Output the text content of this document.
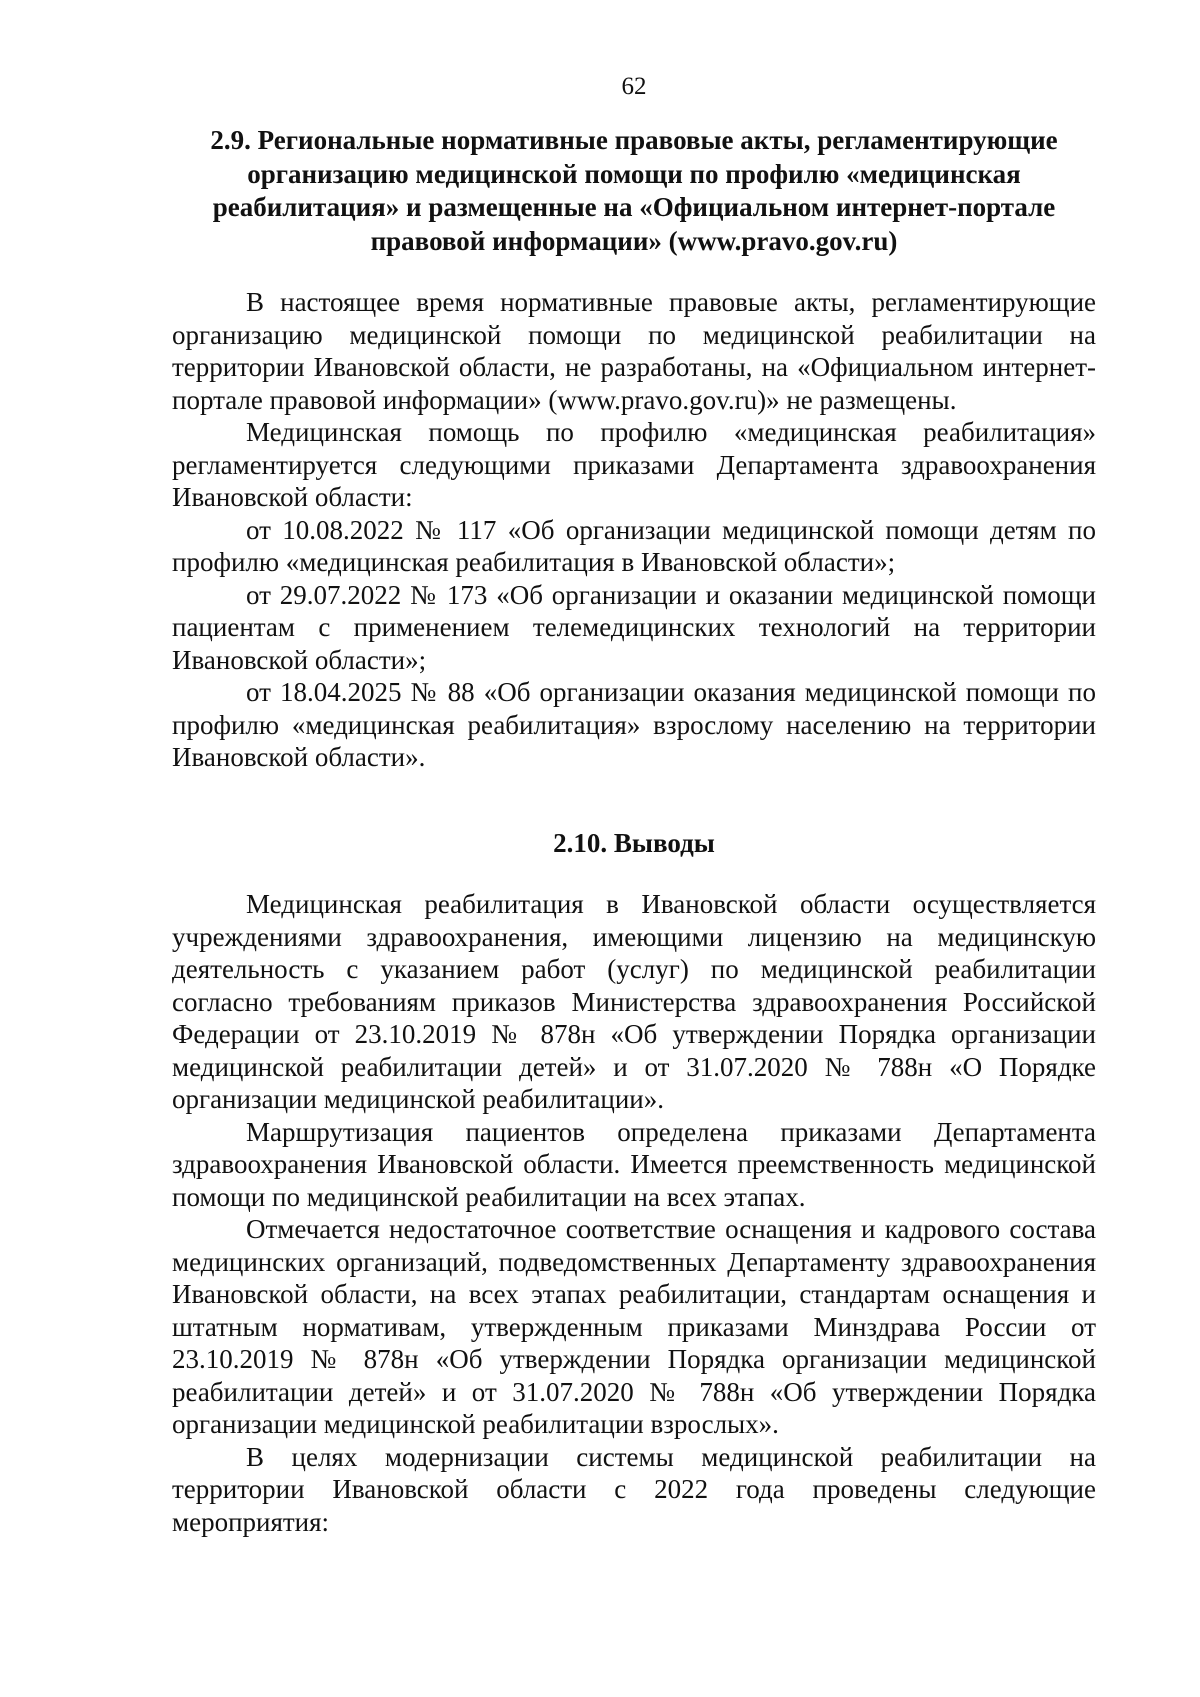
62
2.9. Региональные нормативные правовые акты, регламентирующие организацию медицинской помощи по профилю «медицинская реабилитация» и размещенные на «Официальном интернет-портале правовой информации» (www.pravo.gov.ru)

В настоящее время нормативные правовые акты, регламентирующие организацию медицинской помощи по медицинской реабилитации на территории Ивановской области, не разработаны, на «Официальном интернет-портале правовой информации» (www.pravo.gov.ru)» не размещены.

Медицинская помощь по профилю «медицинская реабилитация» регламентируется следующими приказами Департамента здравоохранения Ивановской области:

от 10.08.2022 № 117 «Об организации медицинской помощи детям по профилю «медицинская реабилитация в Ивановской области»;

от 29.07.2022 № 173 «Об организации и оказании медицинской помощи пациентам с применением телемедицинских технологий на территории Ивановской области»;

от 18.04.2025 № 88 «Об организации оказания медицинской помощи по профилю «медицинская реабилитация» взрослому населению на территории Ивановской области».

2.10. Выводы

Медицинская реабилитация в Ивановской области осуществляется учреждениями здравоохранения, имеющими лицензию на медицинскую деятельность с указанием работ (услуг) по медицинской реабилитации согласно требованиям приказов Министерства здравоохранения Российской Федерации от 23.10.2019 № 878н «Об утверждении Порядка организации медицинской реабилитации детей» и от 31.07.2020 № 788н «О Порядке организации медицинской реабилитации».

Маршрутизация пациентов определена приказами Департамента здравоохранения Ивановской области. Имеется преемственность медицинской помощи по медицинской реабилитации на всех этапах.

Отмечается недостаточное соответствие оснащения и кадрового состава медицинских организаций, подведомственных Департаменту здравоохранения Ивановской области, на всех этапах реабилитации, стандартам оснащения и штатным нормативам, утвержденным приказами Минздрава России от 23.10.2019 № 878н «Об утверждении Порядка организации медицинской реабилитации детей» и от 31.07.2020 № 788н «Об утверждении Порядка организации медицинской реабилитации взрослых».

В целях модернизации системы медицинской реабилитации на территории Ивановской области с 2022 года проведены следующие мероприятия:
